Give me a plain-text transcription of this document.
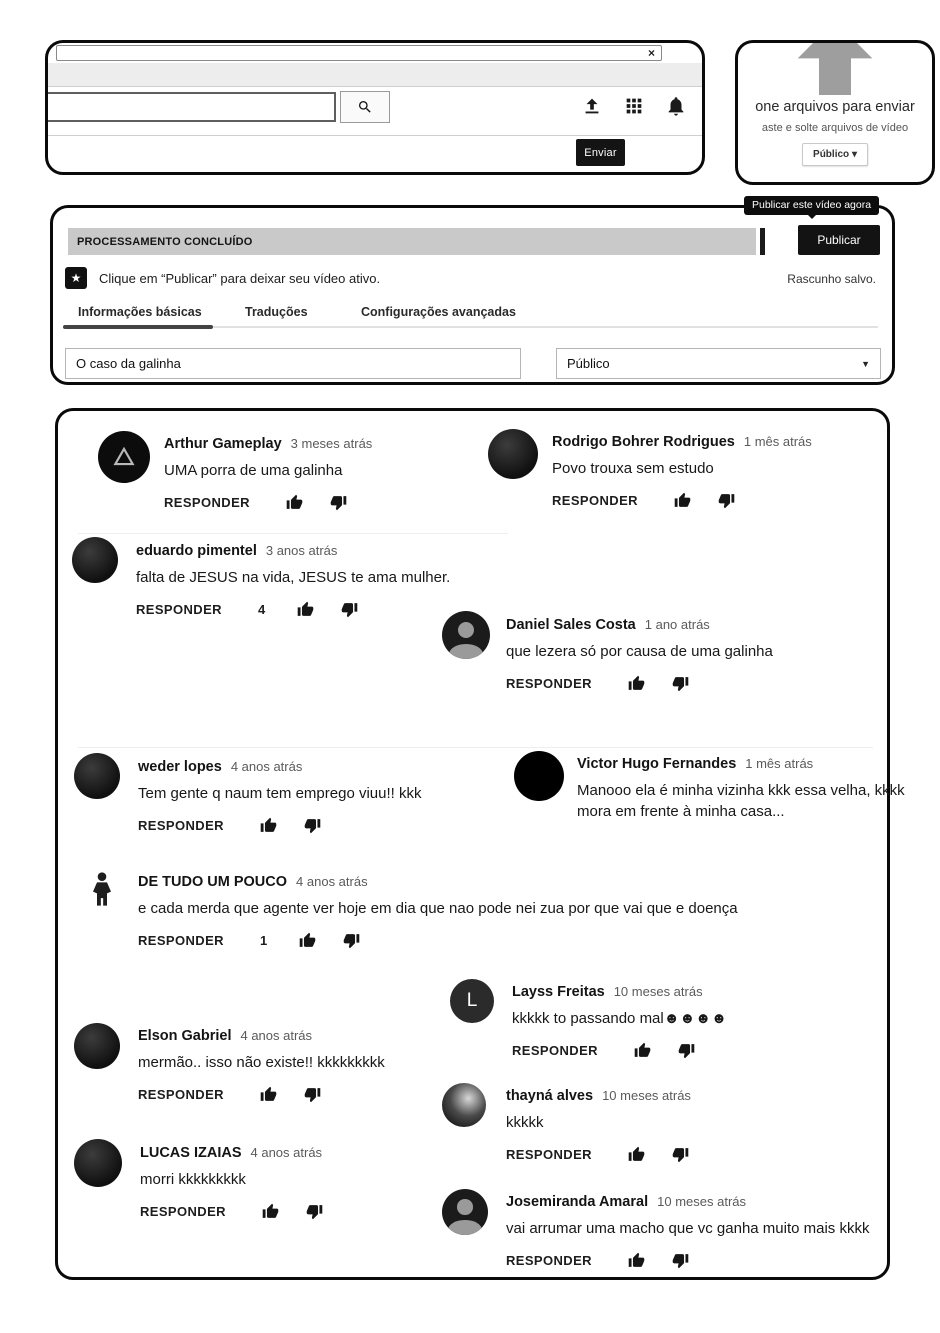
×
Enviar
one arquivos para enviar
aste e solte arquivos de vídeo
Público ▾
Publicar este vídeo agora
PROCESSAMENTO CONCLUÍDO	Publicar
★	Clique em “Publicar” para deixar seu vídeo ativo.	Rascunho salvo.
Informações básicas	Traduções	Configurações avançadas
O caso da galinha
Público	▼
Arthur Gameplay 3 meses atrás
UMA porra de uma galinha
RESPONDER
Rodrigo Bohrer Rodrigues 1 mês atrás
Povo trouxa sem estudo
RESPONDER
eduardo pimentel 3 anos atrás
falta de JESUS na vida, JESUS te ama mulher.
RESPONDER	4
Daniel Sales Costa 1 ano atrás
que lezera só por causa de uma galinha
RESPONDER
weder lopes 4 anos atrás
Tem gente q naum tem emprego viuu!! kkk
RESPONDER
Victor Hugo Fernandes 1 mês atrás
Manooo ela é minha vizinha kkk essa velha, kkkk mora em frente à minha casa...
DE TUDO UM POUCO 4 anos atrás
e cada merda que agente ver hoje em dia que nao pode nei zua por que vai que e doença
RESPONDER	1
L	Layss Freitas 10 meses atrás
kkkkk to passando mal☻☻☻☻
RESPONDER
Elson Gabriel 4 anos atrás
mermão.. isso não existe!! kkkkkkkkk
RESPONDER	thayná alves 10 meses atrás
kkkkk
RESPONDER
LUCAS IZAIAS 4 anos atrás
morri kkkkkkkkk
RESPONDER
Josemiranda Amaral 10 meses atrás
vai arrumar uma macho que vc ganha muito mais kkkk
RESPONDER
